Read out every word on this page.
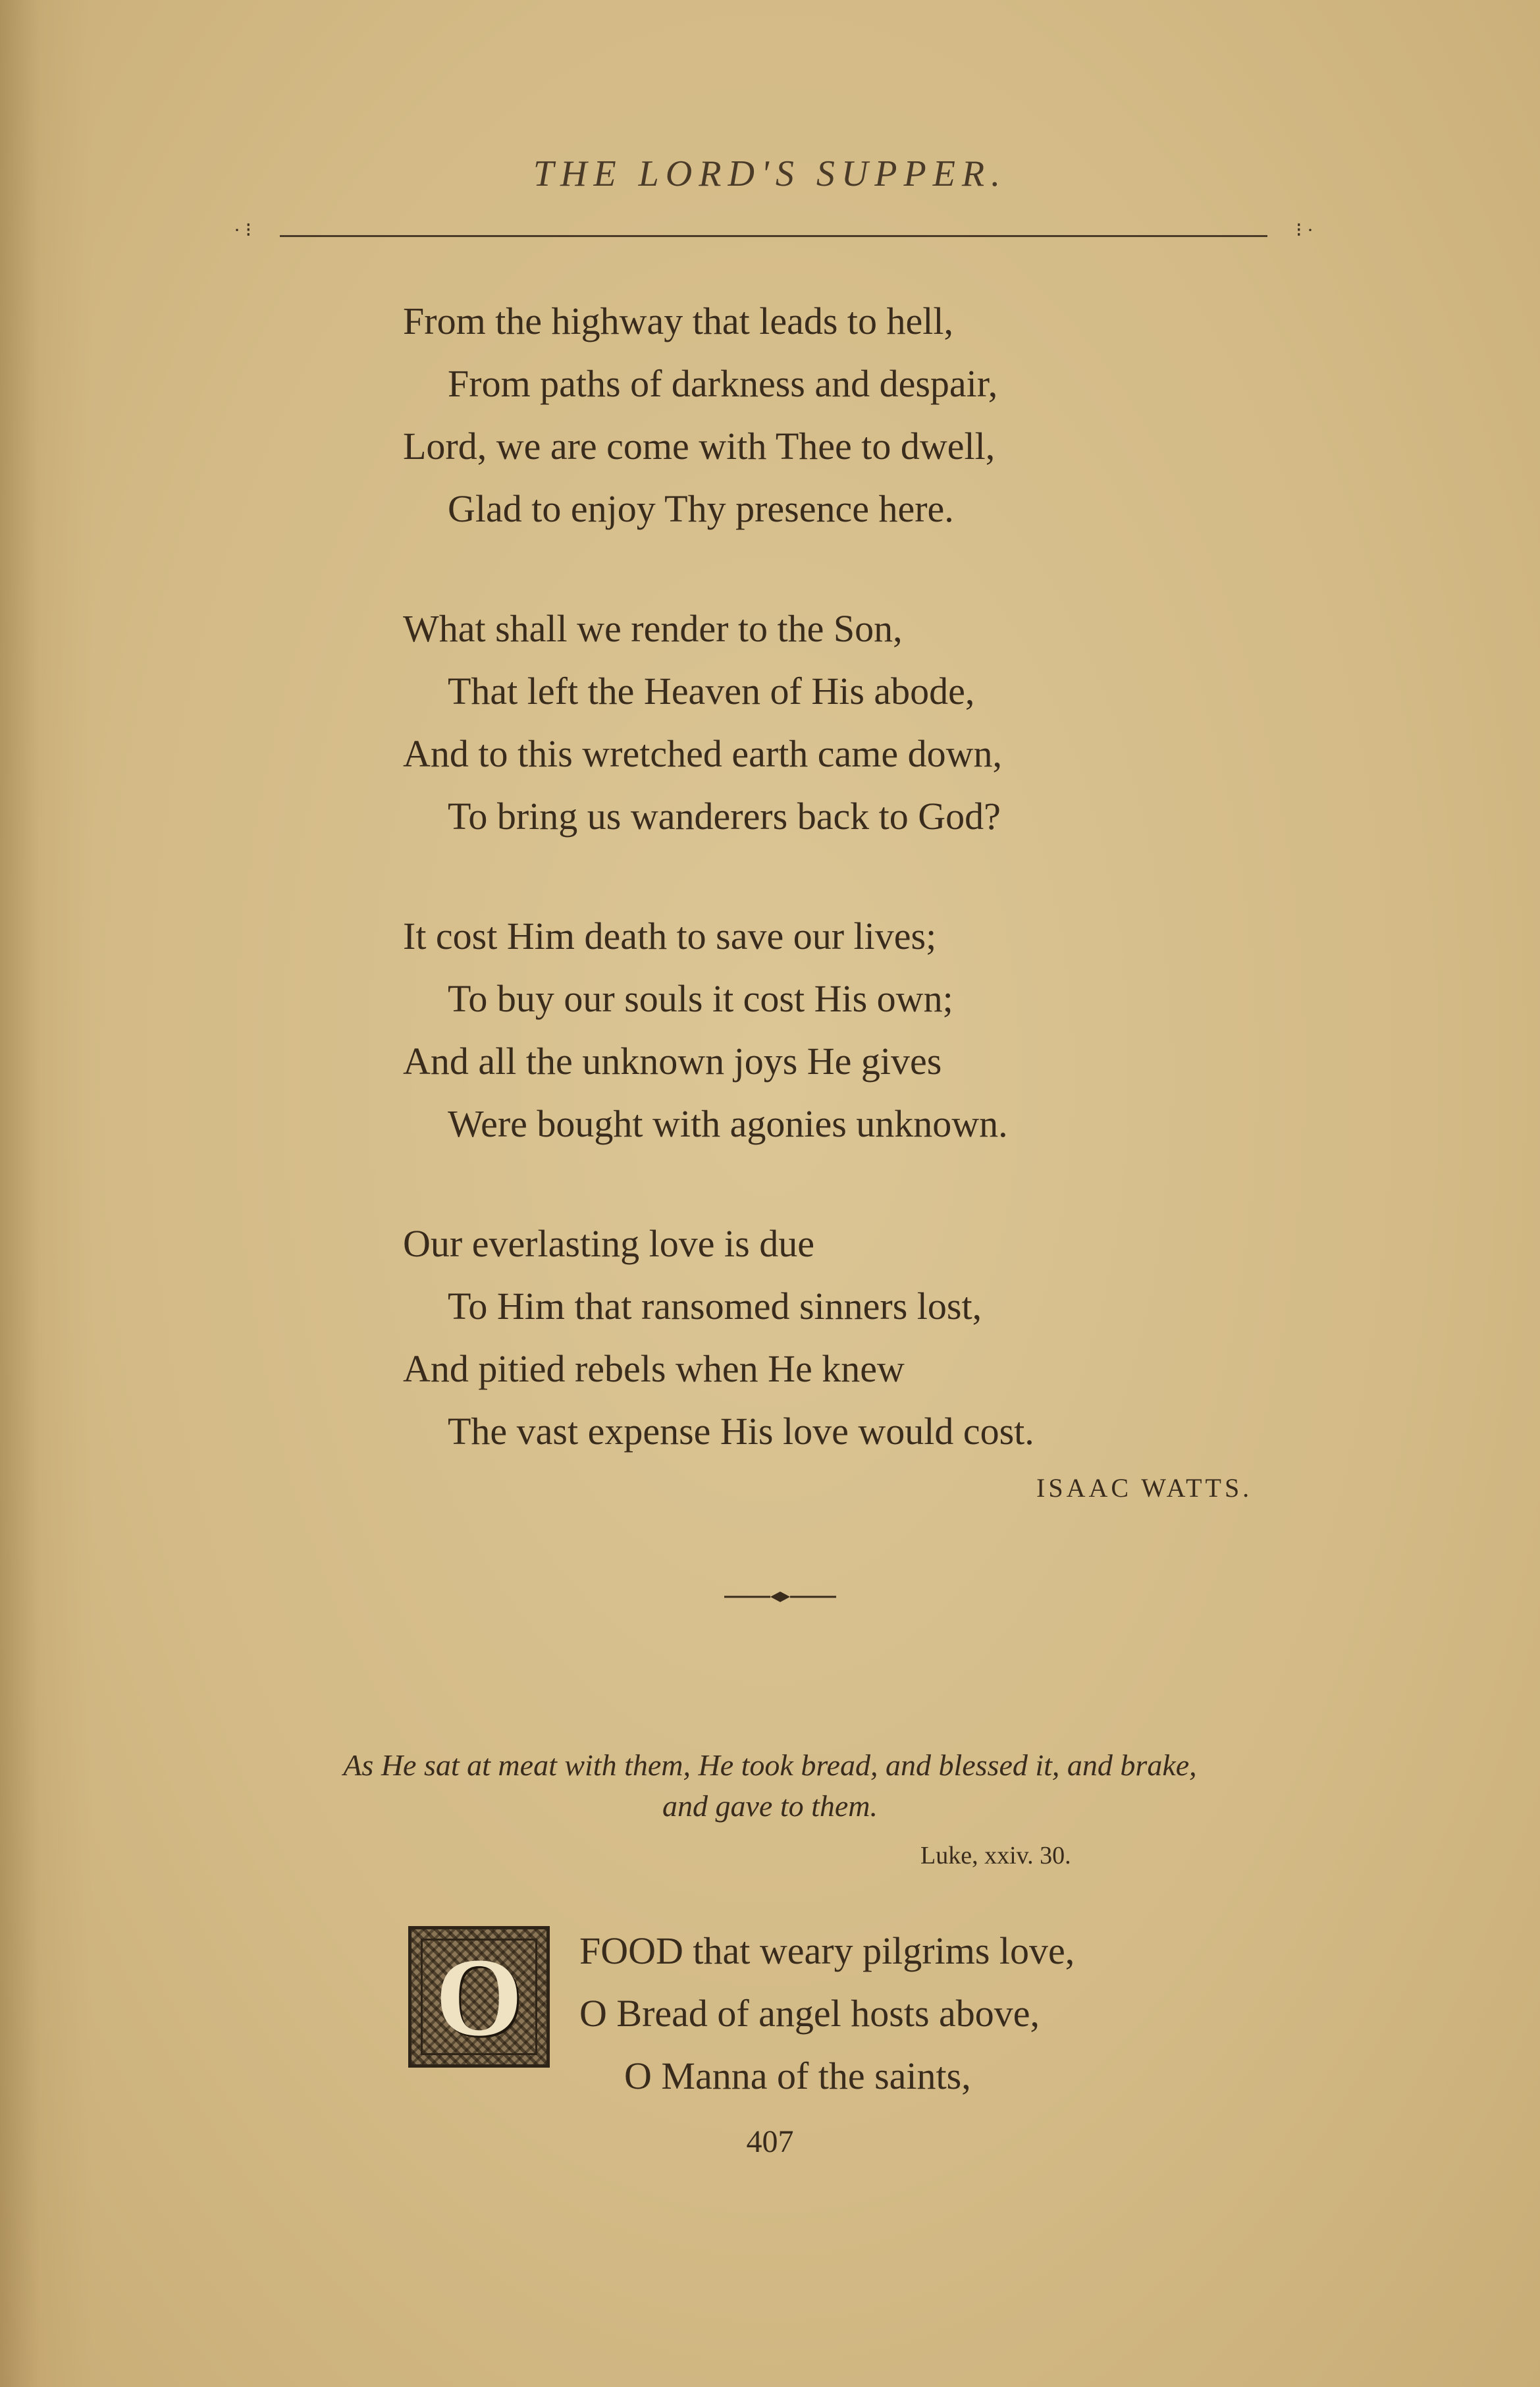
THE LORD'S SUPPER.
· ⁝	⁝ ·
From the highway that leads to hell,
From paths of darkness and despair,
Lord, we are come with Thee to dwell,
Glad to enjoy Thy presence here.
What shall we render to the Son,
That left the Heaven of His abode,
And to this wretched earth came down,
To bring us wanderers back to God?
It cost Him death to save our lives;
To buy our souls it cost His own;
And all the unknown joys He gives
Were bought with agonies unknown.
Our everlasting love is due
To Him that ransomed sinners lost,
And pitied rebels when He knew
The vast expense His love would cost.
ISAAC WATTS.
As He sat at meat with them, He took bread, and blessed it, and brake,
and gave to them.
Luke, xxiv. 30.
O	FOOD that weary pilgrims love,
O Bread of angel hosts above,
O Manna of the saints,
407
